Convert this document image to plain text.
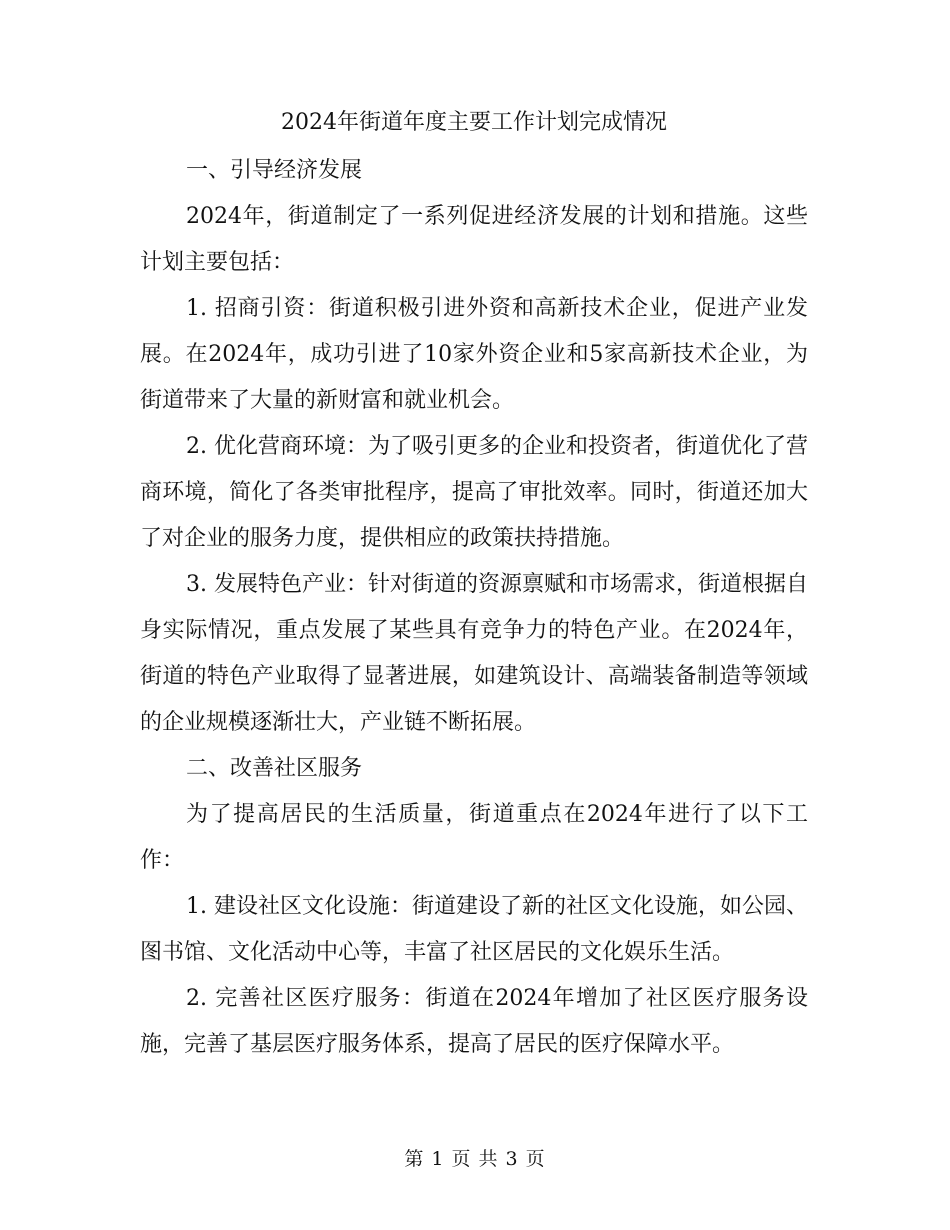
2024年街道年度主要工作计划完成情况

一、引导经济发展

2024年，街道制定了一系列促进经济发展的计划和措施。这些计划主要包括：

1. 招商引资：街道积极引进外资和高新技术企业，促进产业发展。在2024年，成功引进了10家外资企业和5家高新技术企业，为街道带来了大量的新财富和就业机会。

2. 优化营商环境：为了吸引更多的企业和投资者，街道优化了营商环境，简化了各类审批程序，提高了审批效率。同时，街道还加大了对企业的服务力度，提供相应的政策扶持措施。

3. 发展特色产业：针对街道的资源禀赋和市场需求，街道根据自身实际情况，重点发展了某些具有竞争力的特色产业。在2024年，街道的特色产业取得了显著进展，如建筑设计、高端装备制造等领域的企业规模逐渐壮大，产业链不断拓展。

二、改善社区服务

为了提高居民的生活质量，街道重点在2024年进行了以下工作：

1. 建设社区文化设施：街道建设了新的社区文化设施，如公园、图书馆、文化活动中心等，丰富了社区居民的文化娱乐生活。

2. 完善社区医疗服务：街道在2024年增加了社区医疗服务设施，完善了基层医疗服务体系，提高了居民的医疗保障水平。

第 1 页 共 3 页
